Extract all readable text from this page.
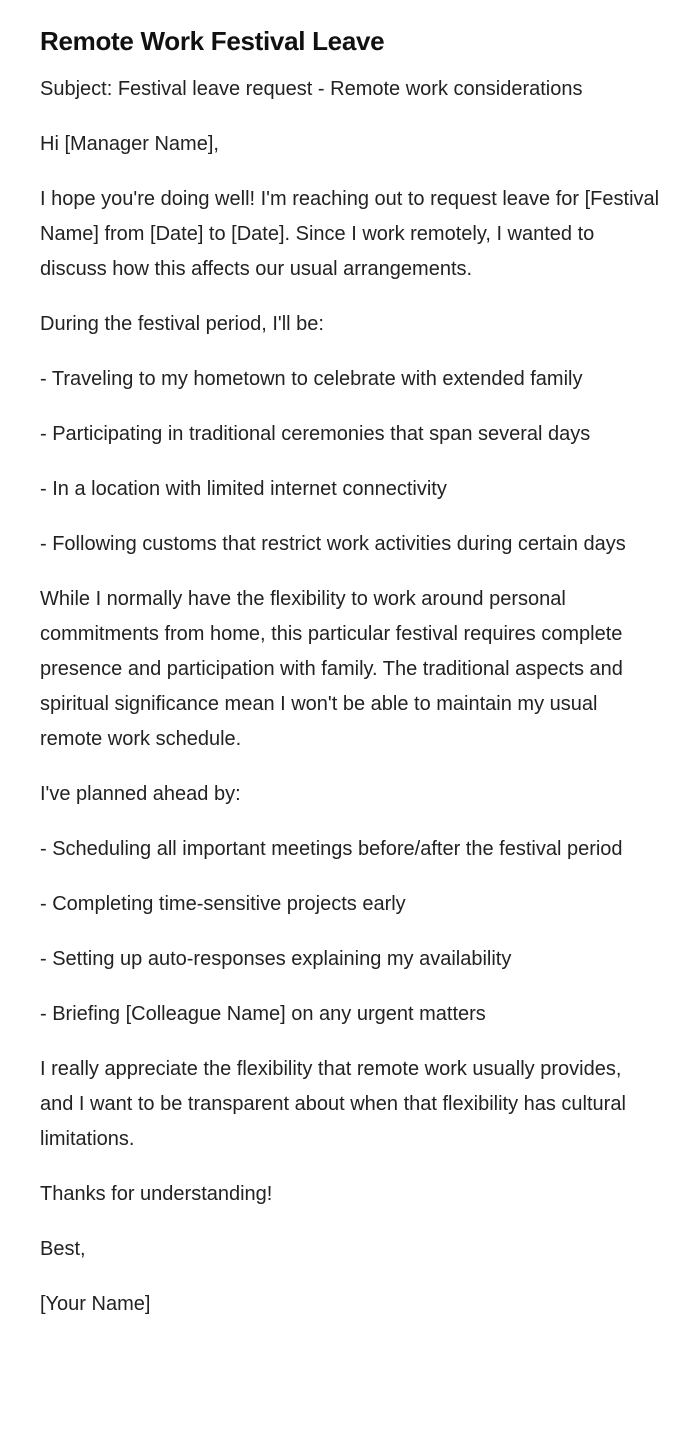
Remote Work Festival Leave

Subject: Festival leave request - Remote work considerations

Hi [Manager Name],

I hope you're doing well! I'm reaching out to request leave for [Festival Name] from [Date] to [Date]. Since I work remotely, I wanted to discuss how this affects our usual arrangements.

During the festival period, I'll be:

- Traveling to my hometown to celebrate with extended family

- Participating in traditional ceremonies that span several days

- In a location with limited internet connectivity

- Following customs that restrict work activities during certain days

While I normally have the flexibility to work around personal commitments from home, this particular festival requires complete presence and participation with family. The traditional aspects and spiritual significance mean I won't be able to maintain my usual remote work schedule.

I've planned ahead by:

- Scheduling all important meetings before/after the festival period

- Completing time-sensitive projects early

- Setting up auto-responses explaining my availability

- Briefing [Colleague Name] on any urgent matters

I really appreciate the flexibility that remote work usually provides, and I want to be transparent about when that flexibility has cultural limitations.

Thanks for understanding!

Best,

[Your Name]
